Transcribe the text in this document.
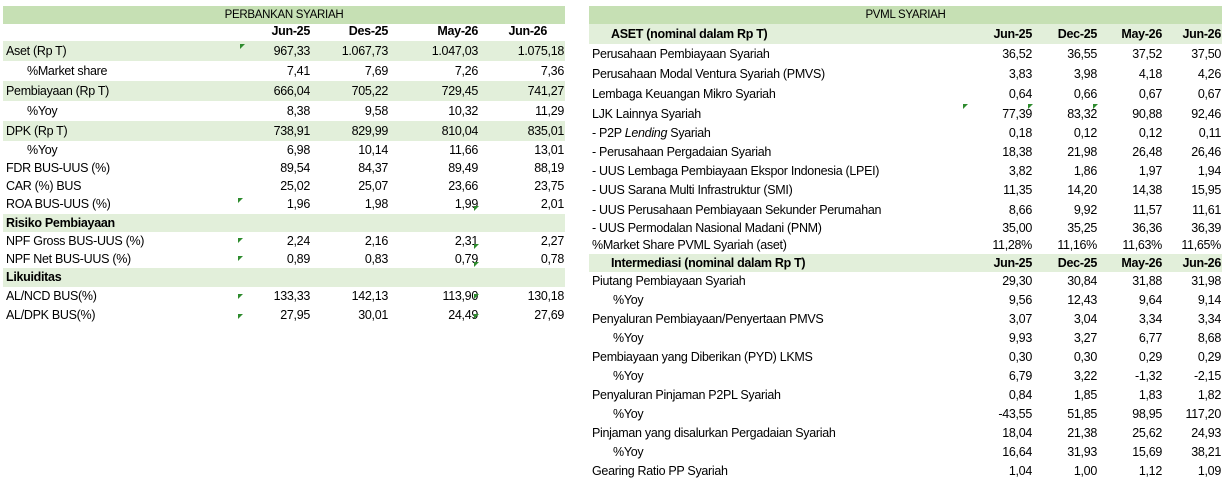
PERBANKAN SYARIAH
Jun-25	Des-25	May-26 Jun-26
Aset (Rp T)	967,33	1.067,73	1.047,03	1.075,18
%Market share	7,41	7,69	7,26	7,36
Pembiayaan (Rp T)	666,04	705,22	729,45	741,27
%Yoy	8,38	9,58	10,32	11,29
DPK (Rp T)	738,91	829,99	810,04	835,01
%Yoy	6,98	10,14	11,66	13,01
FDR BUS-UUS (%)	89,54	84,37	89,49	88,19
CAR (%) BUS	25,02	25,07	23,66	23,75
ROA BUS-UUS (%)	1,96	1,98	1,99	2,01
Risiko Pembiayaan
NPF Gross BUS-UUS (%)	2,24	2,16	2,31	2,27
NPF Net BUS-UUS (%)	0,89	0,83	0,79	0,78
Likuiditas
AL/NCD BUS(%)	133,33	142,13	113,90	130,18
AL/DPK BUS(%)	27,95	30,01	24,49	27,69
PVML SYARIAH
ASET (nominal dalam Rp T)	Jun-25 Dec-25 May-26 Jun-26
Perusahaan Pembiayaan Syariah	36,52	36,55	37,52 37,50
Perusahaan Modal Ventura Syariah (PMVS)	3,83	3,98	4,18	4,26
Lembaga Keuangan Mikro Syariah	0,64	0,66	0,67	0,67
LJK Lainnya Syariah	77,39	83,32	90,88 92,46
- P2P Lending Syariah	0,18	0,12	0,12	0,11
- Perusahaan Pergadaian Syariah	18,38	21,98	26,48 26,46
- UUS Lembaga Pembiayaan Ekspor Indonesia (LPEI)	3,82	1,86	1,97	1,94
- UUS Sarana Multi Infrastruktur (SMI)	11,35	14,20	14,38 15,95
- UUS Perusahaan Pembiayaan Sekunder Perumahan	8,66	9,92	11,57 11,61
- UUS Permodalan Nasional Madani (PNM)	35,00	35,25	36,36 36,39
%Market Share PVML Syariah (aset)	11,28% 11,16% 11,63% 11,65%
Intermediasi (nominal dalam Rp T)	Jun-25 Dec-25 May-26 Jun-26
Piutang Pembiayaan Syariah	29,30	30,84	31,88 31,98
%Yoy	9,56	12,43	9,64	9,14
Penyaluran Pembiayaan/Penyertaan PMVS	3,07	3,04	3,34	3,34
%Yoy	9,93	3,27	6,77	8,68
Pembiayaan yang Diberikan (PYD) LKMS	0,30	0,30	0,29	0,29
%Yoy	6,79	3,22	-1,32	-2,15
Penyaluran Pinjaman P2PL Syariah	0,84	1,85	1,83	1,82
%Yoy	-43,55	51,85	98,95 117,20
Pinjaman yang disalurkan Pergadaian Syariah	18,04	21,38	25,62 24,93
%Yoy	16,64	31,93	15,69 38,21
Gearing Ratio PP Syariah	1,04	1,00	1,12	1,09
